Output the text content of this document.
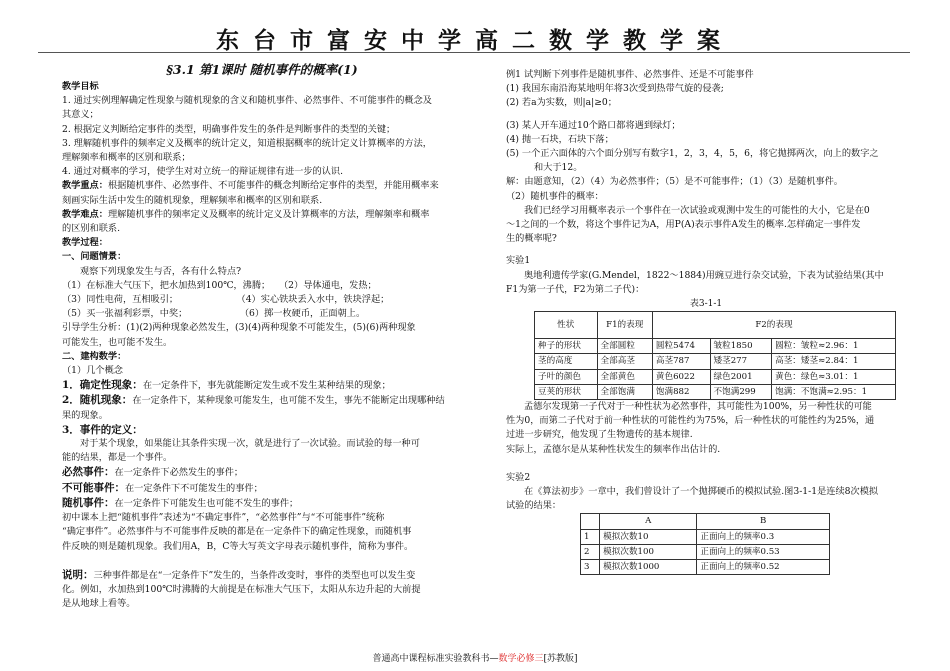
东台市富安中学高二数学教学案
§3.1 第1课时 随机事件的概率(1)
教学目标
1. 通过实例理解确定性现象与随机现象的含义和随机事件、必然事件、不可能事件的概念及
其意义；
2. 根据定义判断给定事件的类型，明确事件发生的条件是判断事件的类型的关键；
3. 理解随机事件的频率定义及概率的统计定义，知道根据概率的统计定义计算概率的方法，
理解频率和概率的区别和联系；
4. 通过对概率的学习，使学生对对立统一的辩证规律有进一步的认识.
教学重点：根据随机事件、必然事件、不可能事件的概念判断给定事件的类型，并能用概率来
刻画实际生活中发生的随机现象，理解频率和概率的区别和联系.
教学难点：理解随机事件的频率定义及概率的统计定义及计算概率的方法，理解频率和概率
的区别和联系.
教学过程：
一、问题情景：
观察下列现象发生与否，各有什么特点?
（1）在标准大气压下，把水加热到100℃，沸腾；   （2）导体通电，发热；
（3）同性电荷，互相吸引；                    （4）实心铁块丢入水中，铁块浮起；
（5）买一张福利彩票，中奖；                  （6）掷一枚硬币，正面朝上。
引导学生分析：(1)(2)两种现象必然发生，(3)(4)两种现象不可能发生，(5)(6)两种现象
可能发生，也可能不发生。
二、建构数学：
（1）几个概念
1．确定性现象：在一定条件下，事先就能断定发生或不发生某种结果的现象；
2．随机现象：在一定条件下，某种现象可能发生，也可能不发生，事先不能断定出现哪种结
果的现象。
3．事件的定义：
对于某个现象，如果能让其条件实现一次，就是进行了一次试验。而试验的每一种可
能的结果，都是一个事件。
必然事件：在一定条件下必然发生的事件；
不可能事件：在一定条件下不可能发生的事件；
随机事件：在一定条件下可能发生也可能不发生的事件；
初中课本上把“随机事件”表述为“不确定事件”，“必然事件”与“不可能事件”统称
“确定事件”。必然事件与不可能事件反映的都是在一定条件下的确定性现象，而随机事
件反映的则是随机现象。我们用A，B，C等大写英文字母表示随机事件，简称为事件。
说明：三种事件都是在“一定条件下”发生的，当条件改变时，事件的类型也可以发生变
化。例如，水加热到100℃时沸腾的大前提是在标准大气压下，太阳从东边升起的大前提
是从地球上看等。
例1 试判断下列事件是随机事件、必然事件、还是不可能事件
(1) 我国东南沿海某地明年将3次受到热带气旋的侵袭;
(2) 若a为实数，则|a|≥0；
(3) 某人开车通过10个路口都将遇到绿灯；
(4) 抛一石块，石块下落；
(5) 一个正六面体的六个面分别写有数字1，2，3，4，5，6，将它抛掷两次，向上的数字之
和大于12。
解：由题意知，（2）（4）为必然事件；（5）是不可能事件；（1）（3）是随机事件。
（2）随机事件的概率：
我们已经学习用概率表示一个事件在一次试验或观测中发生的可能性的大小，它是在0
～1之间的一个数，将这个事件记为A，用P(A)表示事件A发生的概率.怎样确定一事件发
生的概率呢?
实验1
奥地利遗传学家(G.Mendel，1822～1884)用豌豆进行杂交试验，下表为试验结果(其中
F1为第一子代，F2为第二子代)：
表3-1-1
性状	F1的表现	F2的表现		
种子的形状	全部圆粒	圆粒5474	皱粒1850	圆粒：皱粒≈2.96：1
茎的高度	全部高茎	高茎787	矮茎277	高茎：矮茎≈2.84：1
子叶的颜色	全部黄色	黄色6022	绿色2001	黄色：绿色≈3.01：1
豆荚的形状	全部饱满	饱满882	不饱满299	饱满：不饱满≈2.95：1
孟德尔发现第一子代对于一种性状为必然事件，其可能性为100%，另一种性状的可能
性为0，而第二子代对于前一种性状的可能性约为75%，后一种性状的可能性约为25%，通
过进一步研究，他发现了生物遗传的基本规律.
实际上，孟德尔是从某种性状发生的频率作出估计的.
实验2
在《算法初步》一章中，我们曾设计了一个抛掷硬币的模拟试验.图3-1-1是连续8次模拟
试验的结果：
	A	B
1	模拟次数10	正面向上的频率0.3
2	模拟次数100	正面向上的频率0.53
3	模拟次数1000	正面向上的频率0.52
普通高中课程标准实验教科书—数学必修三[苏教版]
